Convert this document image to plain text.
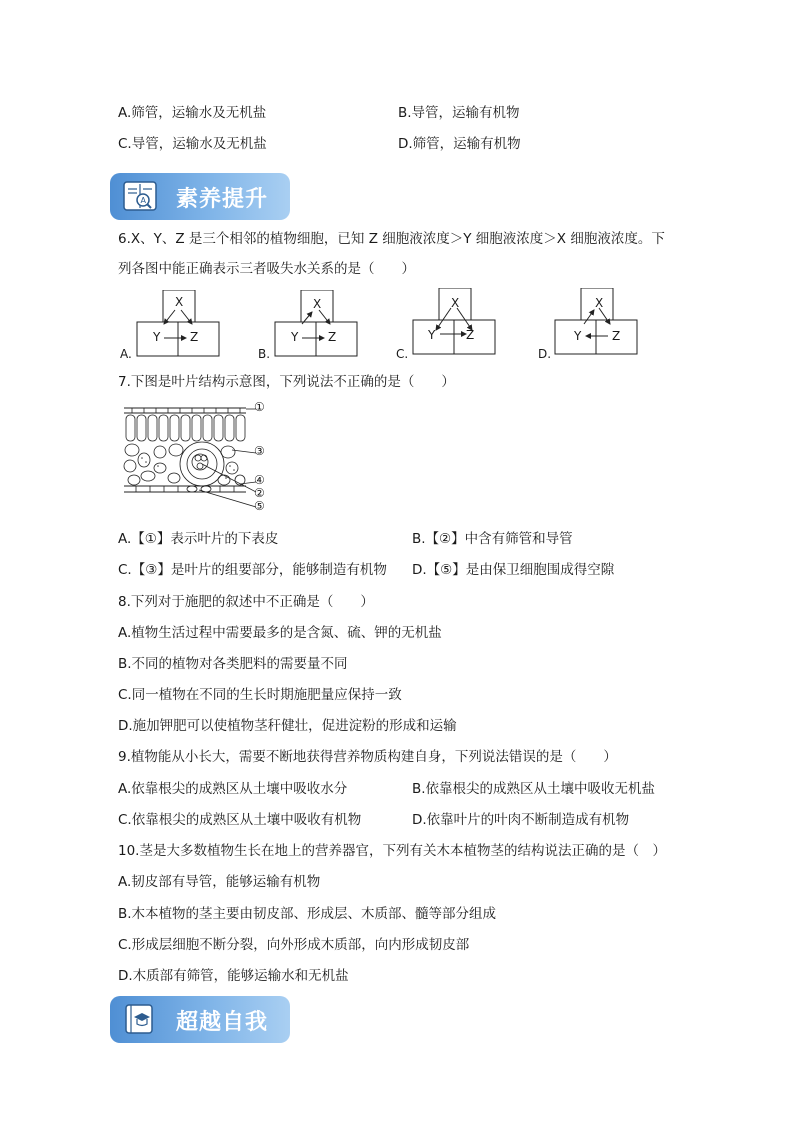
A.筛管，运输水及无机盐	B.导管，运输有机物
C.导管，运输水及无机盐	D.筛管，运输有机物
A 素养提升
6.X、Y、Z 是三个相邻的植物细胞，已知 Z 细胞液浓度＞Y 细胞液浓度＞X 细胞液浓度。下
列各图中能正确表示三者吸失水关系的是（　　）
X
Y Z
A.
X
Y Z
B.
X
Y	Z
C.
X
Y	Z
D.
7.下图是叶片结构示意图，下列说法不正确的是（　　）
①
③
④
②
⑤
A.【①】表示叶片的下表皮	B.【②】中含有筛管和导管
C.【③】是叶片的组要部分，能够制造有机物 D.【⑤】是由保卫细胞围成得空隙
8.下列对于施肥的叙述中不正确是（　　）
A.植物生活过程中需要最多的是含氮、硫、钾的无机盐
B.不同的植物对各类肥料的需要量不同
C.同一植物在不同的生长时期施肥量应保持一致
D.施加钾肥可以使植物茎秆健壮，促进淀粉的形成和运输
9.植物能从小长大，需要不断地获得营养物质构建自身，下列说法错误的是（　　）
A.依靠根尖的成熟区从土壤中吸收水分	B.依靠根尖的成熟区从土壤中吸收无机盐
C.依靠根尖的成熟区从土壤中吸收有机物	D.依靠叶片的叶肉不断制造成有机物
10.茎是大多数植物生长在地上的营养器官，下列有关木本植物茎的结构说法正确的是（　）
A.韧皮部有导管，能够运输有机物
B.木本植物的茎主要由韧皮部、形成层、木质部、髓等部分组成
C.形成层细胞不断分裂，向外形成木质部，向内形成韧皮部
D.木质部有筛管，能够运输水和无机盐
超越自我
